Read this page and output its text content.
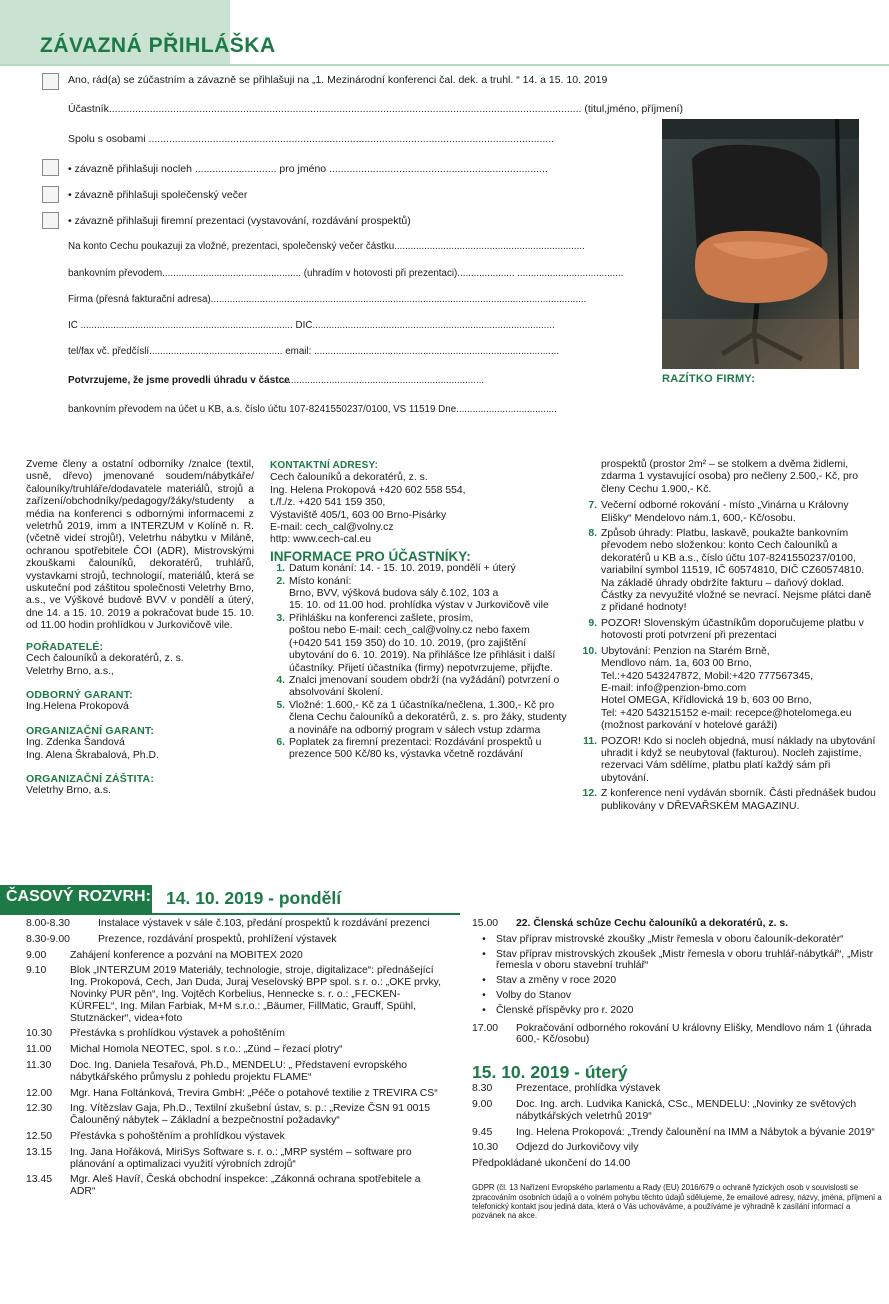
ZÁVAZNÁ PŘIHLÁŠKA
Ano, rád(a) se zúčastním a závazně se přihlašuji na „1. Mezinárodní konferenci čal. dek. a truhl. “ 14. a 15. 10. 2019
Účastník.................................................................................................................................................................. (titul,jméno, příjmení)
Spolu s osobami ...........................................................................................................................................
• závazně přihlašuji nocleh ............................ pro jméno ...........................................................................
• závazně přihlašuji společenský večer
• závazně přihlašuji firemní prezentaci (vystavování, rozdávání prospektů)
Na konto Cechu poukazuji za vložné, prezentaci, společenský večer částku......................................................................
bankovním převodem................................................... (uhradím v hotovosti při prezentaci)..................... .......................................
Firma (přesná fakturační adresa)..........................................................................................................................................
IČ .............................................................................. DIČ.........................................................................................
tel/fax vč. předčíslí................................................. email: ..........................................................................................
Potvrzujeme, že jsme provedli úhradu v částce
...........................................................................
bankovním převodem na účet u KB, a.s. číslo účtu 107-8241550237/0100, VS 11519 Dne.....................................
RAZÍTKO FIRMY:
Zveme členy a ostatní odborníky /znalce (textil, usně, dřevo) jmenované soudem/nábytkáře/čalouníky/truhláře/dodavatele materiálů, strojů a zařízení/obchodníky/pedagogy/žáky/studenty a média na konferenci s odbornými informacemi z veletrhů 2019, imm a INTERZUM v Kolíně n. R. (včetně videí strojů!), Veletrhu nábytku v Miláně, ochranou spotřebitele ČOI (ADR), Mistrovskými zkouškami čalouníků, dekoratérů, truhlářů, vystavkami strojů, technologií, materiálů, která se uskuteční pod záštitou společnosti Veletrhy Brno, a.s., ve Výškové budově BVV v pondělí a úterý, dne 14. a 15. 10. 2019 a pokračovat bude 15. 10. od 11.00 hodin prohlídkou v Jurkovičově vile.
POŘADATELÉ:
Cech čalouníků a dekoratérů, z. s.
Veletrhy Brno, a.s.,
ODBORNÝ GARANT:
Ing.Helena Prokopová
ORGANIZAČNÍ GARANT:
Ing. Zdenka Šandová
Ing. Alena Škrabalová, Ph.D.
ORGANIZAČNÍ ZÁŠTITA:
Veletrhy Brno, a.s.
KONTAKTNÍ ADRESY:
Cech čalouníků a dekoratérů, z. s.
Ing. Helena Prokopová +420 602 558 554,
t./f./z. +420 541 159 350,
Výstaviště 405/1, 603 00 Brno-Pisárky
E-mail: cech_cal@volny.cz
http: www.cech-cal.eu
INFORMACE PRO ÚČASTNÍKY:
1. Datum konání: 14. - 15. 10. 2019, pondělí + úterý
2. Místo konání:
Brno, BVV, výšková budova sály č.102, 103 a
15. 10. od 11.00 hod. prohlídka výstav v Jurkovičově vile
3. Přihlášku na konferenci zašlete, prosím,
poštou nebo E-mail: cech_cal@volny.cz nebo faxem
(+0420 541 159 350) do 10. 10. 2019, (pro zajištění ubytování do 6. 10. 2019). Na přihlášce lze přihlásit i další účastníky. Přijetí účastníka (firmy) nepotvrzujeme, přijďte.
4. Znalci jmenovaní soudem obdrží (na vyžádání) potvrzení o absolvování školení.
5. Vložné: 1.600,- Kč za 1 účastníka/nečlena, 1.300,- Kč pro člena Cechu čalouníků a dekoratérů, z. s. pro žáky, studenty a novináře na odborný program v sálech vstup zdarma
6. Poplatek za firemní prezentaci: Rozdávání prospektů u prezence 500 Kč/80 ks, výstavka včetně rozdávání
prospektů (prostor 2m² – se stolkem a dvěma židlemi, zdarma 1 vystavující osoba) pro nečleny 2.500,- Kč, pro členy Cechu 1.900,- Kč.
7. Večerní odborné rokování - místo „Vinárna u Královny Elišky“ Mendelovo nám.1, 600,- Kč/osobu.
8. Způsob úhrady: Platbu, laskavě, poukažte bankovním převodem nebo složenkou: konto Cech čalouníků a dekoratérů u KB a.s., číslo účtu 107-8241550237/0100, variabilní symbol 11519, IČ 60574810, DIČ CZ60574810. Na základě úhrady obdržíte fakturu – daňový doklad. Částky za nevyužité vložné se nevrací. Nejsme plátci daně z přidané hodnoty!
9. POZOR! Slovenským účastníkům doporučujeme platbu v hotovosti proti potvrzení při prezentaci
10. Ubytování: Penzion na Starém Brně,
Mendlovo nám. 1a, 603 00 Brno,
Tel.:+420 543247872, Mobil:+420 777567345,
E-mail: info@penzion-bmo.com
Hotel OMEGA, Křídlovická 19 b, 603 00 Brno,
Tel: +420 543215152 e-mail: recepce@hotelomega.eu
(možnost parkování v hotelové garáži)
11. POZOR! Kdo si nocleh objedná, musí náklady na ubytování uhradit i když se neubytoval (fakturou). Nocleh zajistíme, rezervaci Vám sdělíme, platbu platí každý sám při ubytování.
12. Z konference není vydáván sborník. Části přednášek budou publikovány v DŘEVAŘSKÉM MAGAZINU.
ČASOVÝ ROZVRH: 14. 10. 2019 - pondělí
8.00-8.30	Instalace výstavek v sále č.103, předání prospektů k rozdávání prezenci
8.30-9.00	Prezence, rozdávání prospektů, prohlížení výstavek
9.00	Zahájení konference a pozvání na MOBITEX 2020
9.10	Blok „INTERZUM 2019 Materiály, technologie, stroje, digitalizace“: přednášející Ing. Prokopová, Cech, Jan Duda, Juraj Veselovský BPP spol. s r. o.: „OKE prvky, Novinky PUR pěn“, Ing. Vojtěch Korbelius, Hennecke s. r. o.: „FECKEN-KÜRFEL“, Ing. Milan Farbiak, M+M s.r.o.: „Bäumer, FillMatic, Grauff, Spühl, Stutznäcker“, videa+foto
10.30	Přestávka s prohlídkou výstavek a pohoštěním
11.00	Michal Homola NEOTEC, spol. s r.o.: „Zünd – řezací plotry“
11.30	Doc. Ing. Daniela Tesařová, Ph.D., MENDELU: „ Představení evropského nábytkářského průmyslu z pohledu projektu FLAME“
12.00	Mgr. Hana Foltánková, Trevira GmbH: „Péče o potahové textilie z TREVIRA CS“
12.30	Ing. Vítězslav Gaja, Ph.D., Textilní zkušební ústav, s. p.: „Revize ČSN 91 0015 Čalouněný nábytek – Základní a bezpečnostní požadavky“
12.50	Přestávka s pohoštěním a prohlídkou výstavek
13.15	Ing. Jana Hořáková, MiriSys Software s. r. o.: „MRP systém – software pro plánování a optimalizaci využití výrobních zdrojů“
13.45	Mgr. Aleš Havíř, Česká obchodní inspekce: „Zákonná ochrana spotřebitele a ADR“
15.00	22. Členská schůze Cechu čalouníků a dekoratérů, z. s.
• Stav příprav mistrovské zkoušky „Mistr řemesla v oboru čalouník-dekoratér“
• Stav příprav mistrovských zkoušek „Mistr řemesla v oboru truhlář-nábytkář“, „Mistr řemesla v oboru stavební truhlář“
• Stav a změny v roce 2020
• Volby do Stanov
• Členské příspěvky pro r. 2020
17.00	Pokračování odborného rokování U královny Elišky, Mendlovo nám 1 (úhrada 600,- Kč/osobu)
15. 10. 2019 - úterý
8.30	Prezentace, prohlídka výstavek
9.00	Doc. Ing. arch. Ludvika Kanická, CSc., MENDELU: „Novinky ze světových nábytkářských veletrhů 2019“
9.45	Ing. Helena Prokopová: „Trendy čalounění na IMM a Nábytok a bývanie 2019“
10.30	Odjezd do Jurkovičovy vily
Předpokládané ukončení do 14.00
GDPR (čl. 13 Nařízení Evropského parlamentu a Rady (EU) 2016/679 o ochraně fyzických osob v souvislosti se zpracováním osobních údajů a o volném pohybu těchto údajů sdělujeme, že emailové adresy, názvy, jména, příjmení a telefonický kontakt jsou jediná data, která o Vás uchováváme, a používáme je výhradně k zasílání informací a pozvánek na akce.
